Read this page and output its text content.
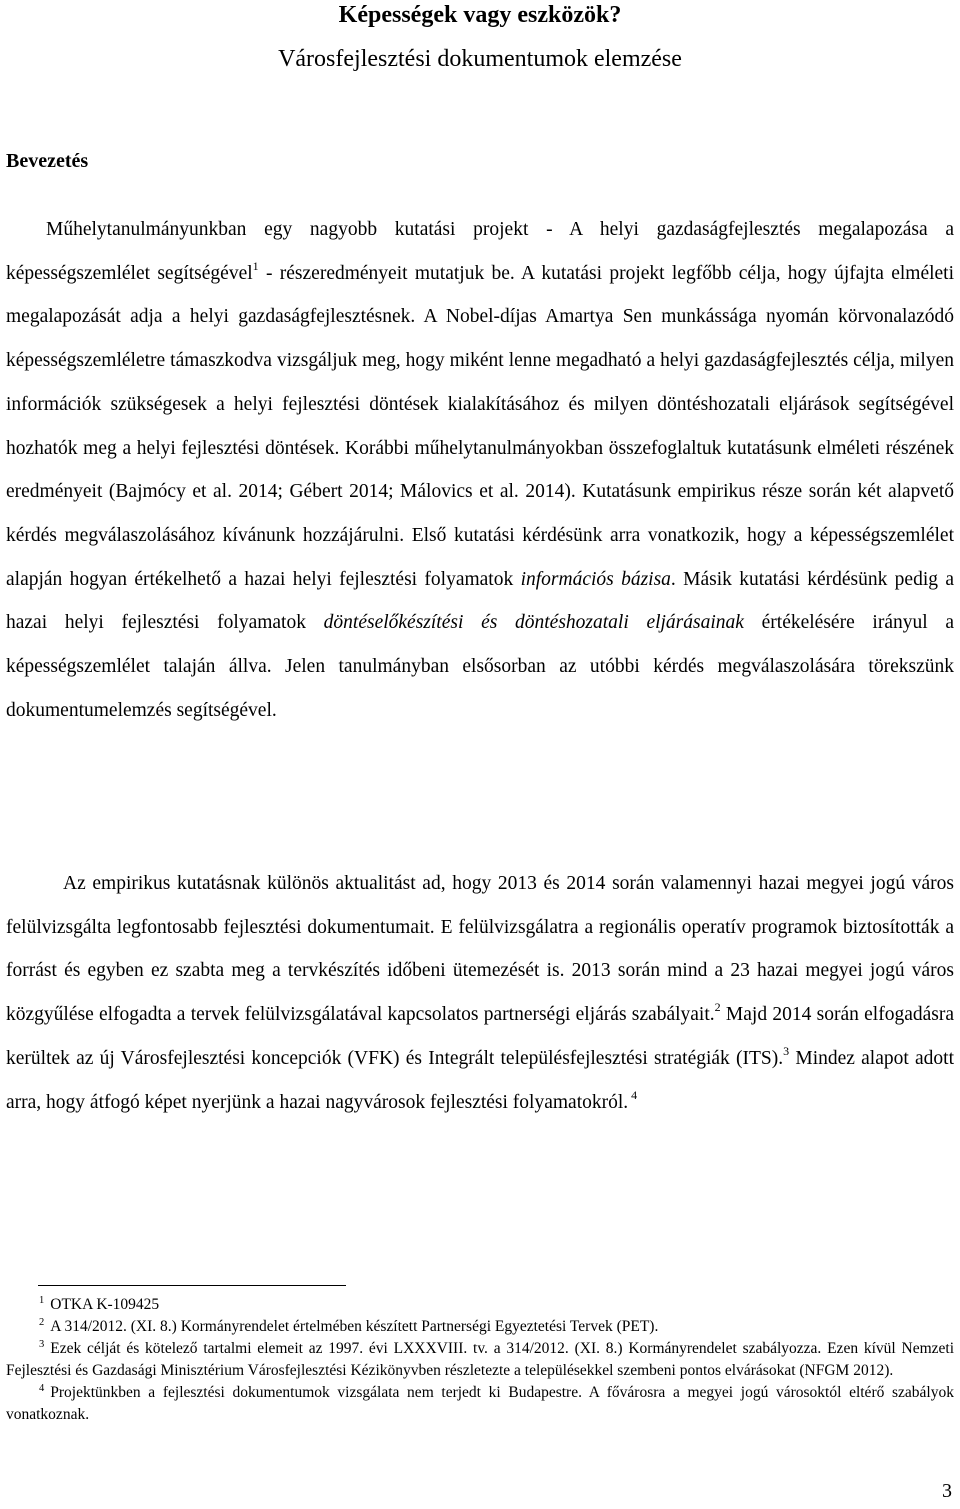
Képességek vagy eszközök?
Városfejlesztési dokumentumok elemzése
Bevezetés

Műhelytanulmányunkban egy nagyobb kutatási projekt - A helyi gazdaságfejlesztés megalapozása a képességszemlélet segítségével$^1$ - részeredményeit mutatjuk be. A kutatási projekt legfőbb célja, hogy újfajta elméleti megalapozását adja a helyi gazdaságfejlesztésnek. A Nobel-díjas Amartya Sen munkássága nyomán körvonalazódó képességszemléletre támaszkodva vizsgáljuk meg, hogy miként lenne megadható a helyi gazdaságfejlesztés célja, milyen információk szükségesek a helyi fejlesztési döntések kialakításához és milyen döntéshozatali eljárások segítségével hozhatók meg a helyi fejlesztési döntések. Korábbi műhelytanulmányokban összefoglaltuk kutatásunk elméleti részének eredményeit (Bajmócy et al. 2014; Gébert 2014; Málovics et al. 2014). Kutatásunk empirikus része során két alapvető kérdés megválaszolásához kívánunk hozzájárulni. Első kutatási kérdésünk arra vonatkozik, hogy a képességszemlélet alapján hogyan értékelhető a hazai helyi fejlesztési folyamatok információs bázisa. Másik kutatási kérdésünk pedig a hazai helyi fejlesztési folyamatok döntéselőkészítési és döntéshozatali eljárásainak értékelésére irányul a képességszemlélet talaján állva. Jelen tanulmányban elsősorban az utóbbi kérdés megválaszolására törekszünk dokumentumelemzés segítségével.

Az empirikus kutatásnak különös aktualitást ad, hogy 2013 és 2014 során valamennyi hazai megyei jogú város felülvizsgálta legfontosabb fejlesztési dokumentumait. E felülvizsgálatra a regionális operatív programok biztosították a forrást és egyben ez szabta meg a tervkészítés időbeni ütemezését is. 2013 során mind a 23 hazai megyei jogú város közgyűlése elfogadta a tervek felülvizsgálatával kapcsolatos partnerségi eljárás szabályait.$^2$ Majd 2014 során elfogadásra kerültek az új Városfejlesztési koncepciók (VFK) és Integrált településfejlesztési stratégiák (ITS).$^3$ Mindez alapot adott arra, hogy átfogó képet nyerjünk a hazai nagyvárosok fejlesztési folyamatokról. $^4$

$^1$ OTKA K-109425

$^2$ A 314/2012. (XI. 8.) Kormányrendelet értelmében készített Partnerségi Egyeztetési Tervek (PET).

$^3$ Ezek célját és kötelező tartalmi elemeit az 1997. évi LXXXVIII. tv. a 314/2012. (XI. 8.) Kormányrendelet szabályozza. Ezen kívül Nemzeti Fejlesztési és Gazdasági Minisztérium Városfejlesztési Kézikönyvben részletezte a településekkel szembeni pontos elvárásokat (NFGM 2012).

$^4$ Projektünkben a fejlesztési dokumentumok vizsgálata nem terjedt ki Budapestre. A fővárosra a megyei jogú városoktól eltérő szabályok vonatkoznak.

3
